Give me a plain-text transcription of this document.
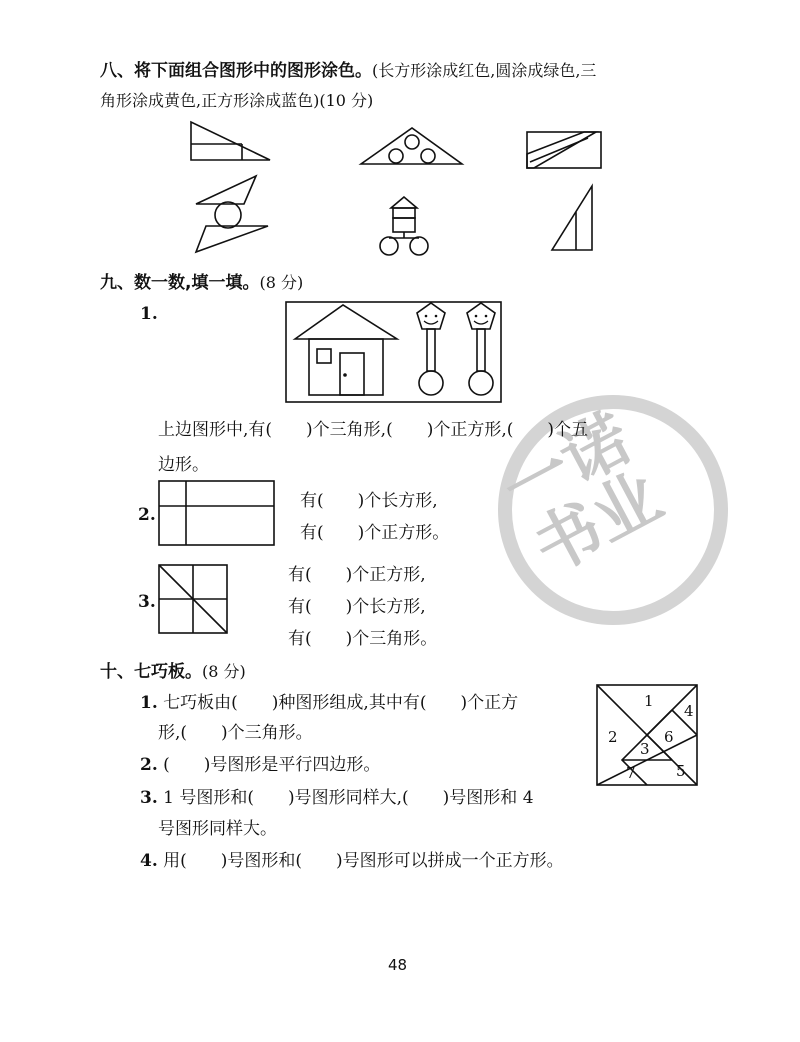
八、将下面组合图形中的图形涂色。(长方形涂成红色,圆涂成绿色,三
角形涂成黄色,正方形涂成蓝色)(10 分)
九、数一数,填一填。(8 分)
1.
一诺
书业
上边图形中,有(　　)个三角形,(　　)个正方形,(　　)个五
边形。
2.
有(　　)个长方形,
有(　　)个正方形。
3.
有(　　)个正方形,
有(　　)个长方形,
有(　　)个三角形。
十、七巧板。(8 分)
1. 七巧板由(　　)种图形组成,其中有(　　)个正方
形,(　　)个三角形。
2. (　　)号图形是平行四边形。
3. 1 号图形和(　　)号图形同样大,(　　)号图形和 4
号图形同样大。
4. 用(　　)号图形和(　　)号图形可以拼成一个正方形。
1
2
3
4
5
6
7
48
